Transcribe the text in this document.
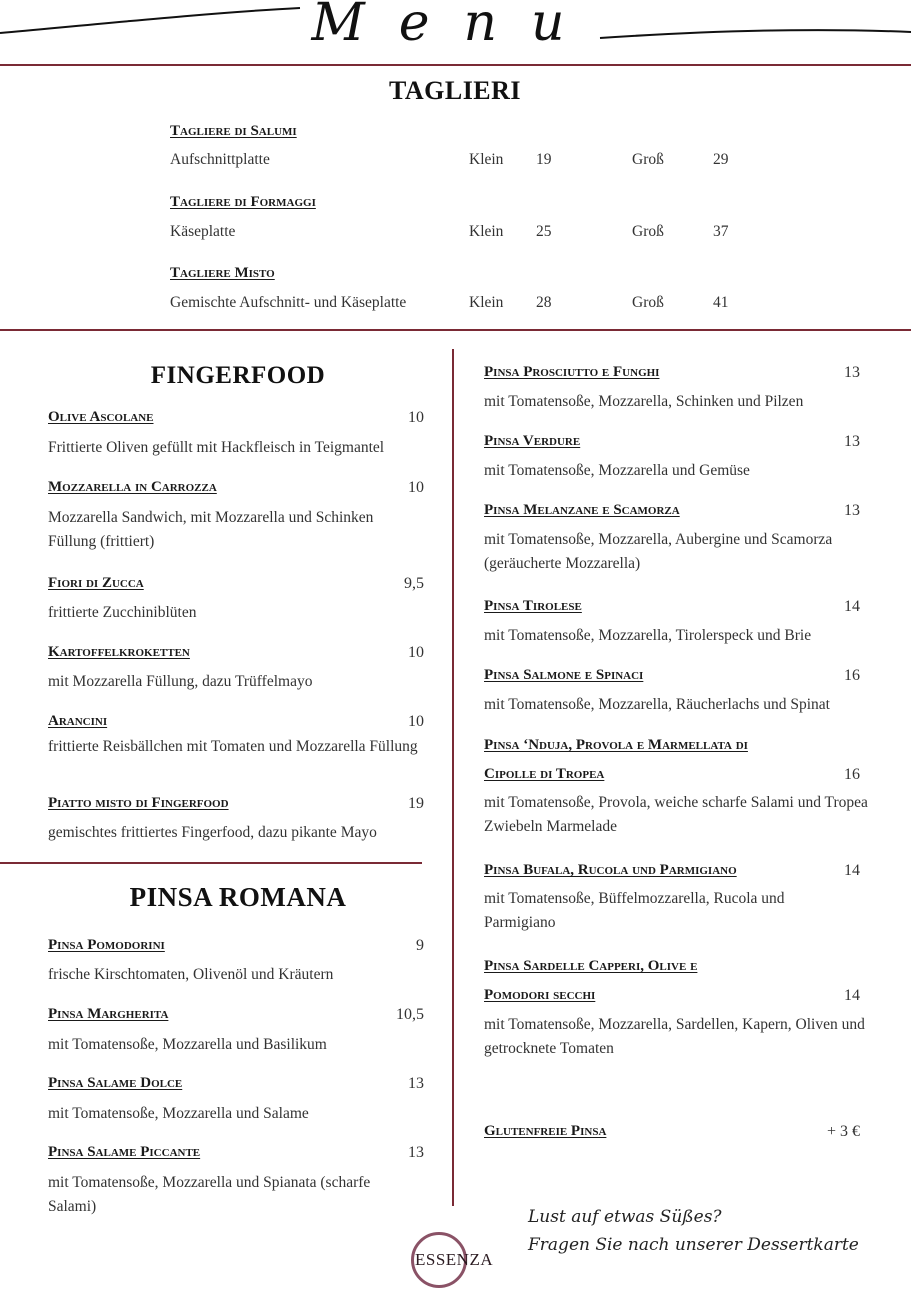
Menu
TAGLIERI
Tagliere di Salumi
Aufschnittplatte	Klein 19	Groß	29
Tagliere di Formaggi
Käseplatte	Klein 25	Groß	37
Tagliere Misto
Gemischte Aufschnitt- und Käseplatte	Klein 28	Groß	41
FINGERFOOD
Olive Ascolane	10
Frittierte Oliven gefüllt mit Hackfleisch in Teigmantel
Mozzarella in Carrozza	10
Mozzarella Sandwich, mit Mozzarella und Schinken Füllung (frittiert)
Fiori di Zucca	9,5
frittierte Zucchiniblüten
Kartoffelkroketten	10
mit Mozzarella Füllung, dazu Trüffelmayo
Arancini	10
frittierte Reisbällchen mit Tomaten und Mozzarella Füllung
Piatto misto di Fingerfood	19
gemischtes frittiertes Fingerfood, dazu pikante Mayo
PINSA ROMANA
Pinsa Pomodorini	9
frische Kirschtomaten, Olivenöl und Kräutern
Pinsa Margherita	10,5
mit Tomatensoße, Mozzarella und Basilikum
Pinsa Salame Dolce	13
mit Tomatensoße, Mozzarella und Salame
Pinsa Salame Piccante	13
mit Tomatensoße, Mozzarella und Spianata (scharfe Salami)
Pinsa Prosciutto e Funghi	13
mit Tomatensoße, Mozzarella, Schinken und Pilzen
Pinsa Verdure	13
mit Tomatensoße, Mozzarella und Gemüse
Pinsa Melanzane e Scamorza	13
mit Tomatensoße, Mozzarella, Aubergine und Scamorza (geräucherte Mozzarella)
Pinsa Tirolese	14
mit Tomatensoße, Mozzarella, Tirolerspeck und Brie
Pinsa Salmone e Spinaci	16
mit Tomatensoße, Mozzarella, Räucherlachs und Spinat
Pinsa ‘Nduja, Provola e Marmellata di
Cipolle di Tropea	16
mit Tomatensoße, Provola, weiche scharfe Salami und Tropea Zwiebeln Marmelade
Pinsa Bufala, Rucola und Parmigiano	14
mit Tomatensoße, Büffelmozzarella, Rucola und Parmigiano
Pinsa Sardelle Capperi, Olive e
Pomodori secchi	14
mit Tomatensoße, Mozzarella, Sardellen, Kapern, Oliven und getrocknete Tomaten
Glutenfreie Pinsa	+ 3 €
Lust auf etwas Süßes?
Fragen Sie nach unserer Dessertkarte
ESSENZA
